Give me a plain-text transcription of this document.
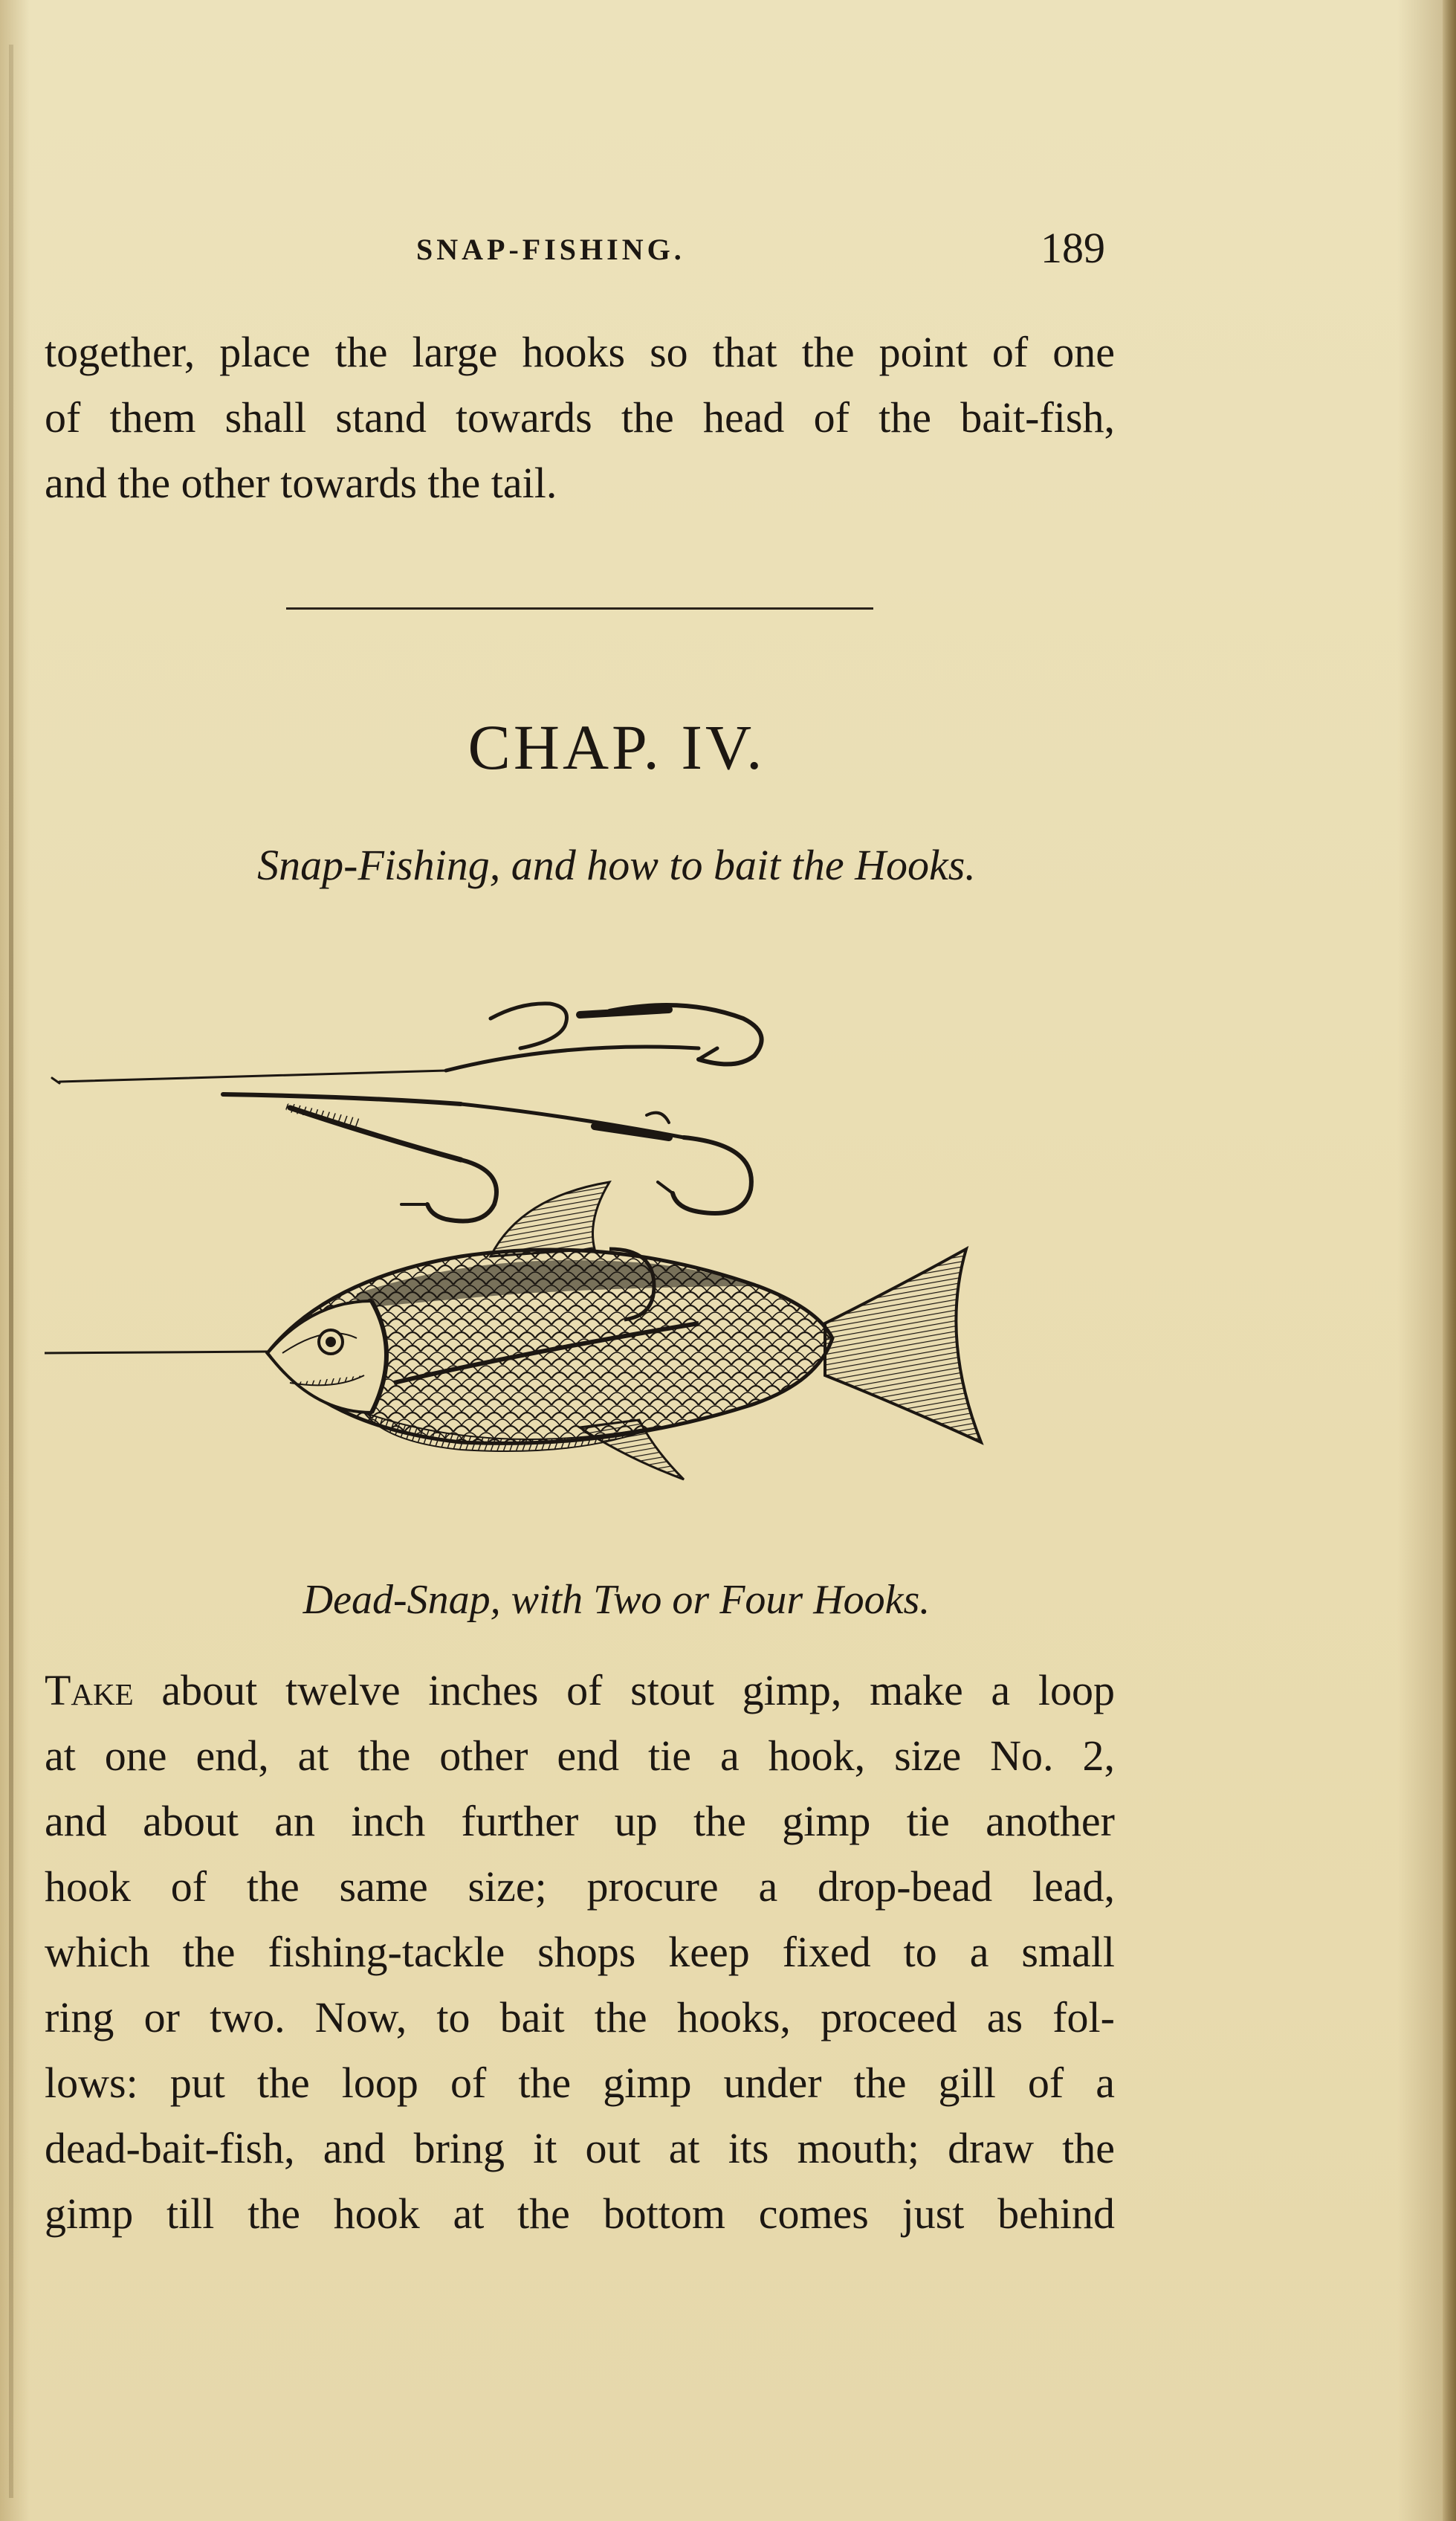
SNAP-FISHING.	189
together, place the large hooks so that the point of one
of them shall stand towards the head of the bait-fish,
and the other towards the tail.
CHAP. IV.
Snap-Fishing, and how to bait the Hooks.
Dead-Snap, with Two or Four Hooks.
Take about twelve inches of stout gimp, make a loop
at one end, at the other end tie a hook, size No. 2,
and about an inch further up the gimp tie another
hook of the same size; procure a drop-bead lead,
which the fishing-tackle shops keep fixed to a small
ring or two. Now, to bait the hooks, proceed as fol-
lows: put the loop of the gimp under the gill of a
dead-bait-fish, and bring it out at its mouth; draw the
gimp till the hook at the bottom comes just behind
